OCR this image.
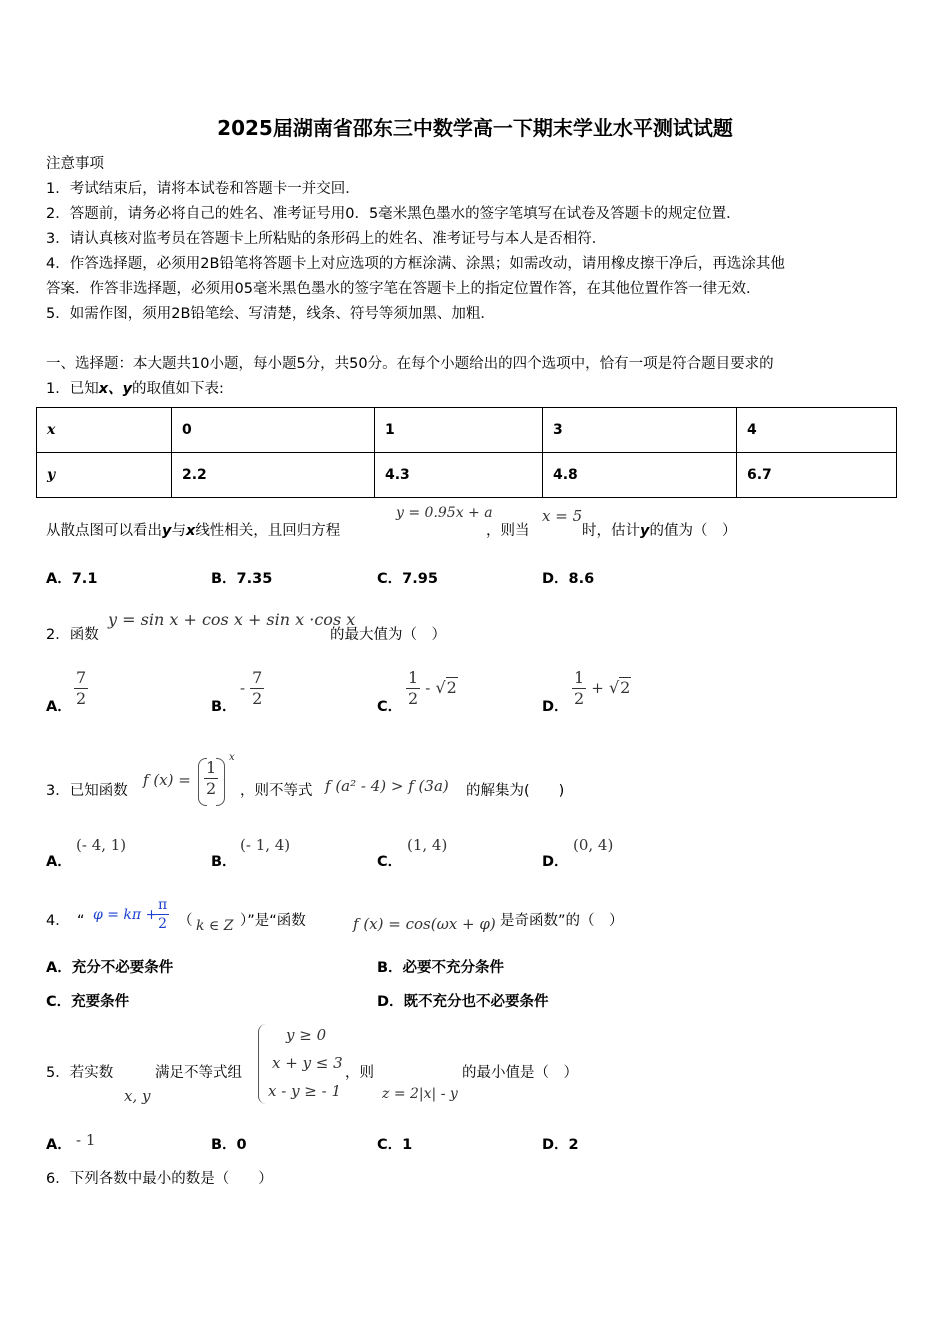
2025届湖南省邵东三中数学高一下期末学业水平测试试题
注意事项
1．考试结束后，请将本试卷和答题卡一并交回．
2．答题前，请务必将自己的姓名、准考证号用0．5毫米黑色墨水的签字笔填写在试卷及答题卡的规定位置．
3．请认真核对监考员在答题卡上所粘贴的条形码上的姓名、准考证号与本人是否相符．
4．作答选择题，必须用2B铅笔将答题卡上对应选项的方框涂满、涂黑；如需改动，请用橡皮擦干净后，再选涂其他
答案．作答非选择题，必须用05毫米黑色墨水的签字笔在答题卡上的指定位置作答，在其他位置作答一律无效．
5．如需作图，须用2B铅笔绘、写清楚，线条、符号等须加黑、加粗．
一、选择题：本大题共10小题，每小题5分，共50分。在每个小题给出的四个选项中，恰有一项是符合题目要求的
1．已知x、y的取值如下表:
x	0	1	3	4
y	2.2	4.3	4.8	6.7
从散点图可以看出y与x线性相关，且回归方程
y = 0.95x + a
，则当
x = 5
时，估计y的值为（　）
A．7.1	B．7.35	C．7.95	D．8.6
2．函数
y = sin x + cos x + sin x ·cos x
的最大值为（　）
A． $\frac{7}{2}$	B．
- $\frac{7}{2}$	C． $\frac{1}{2} - √2$
D． $\frac{1}{2} + √2$
3．已知函数
f $(x) = \frac{1}{2}$
x
，则不等式 f (a² - 4) > f (3a) 的解集为(　　)
A．
(- 4, 1)
B．
(- 1, 4)
C．
(1, 4)
D．
(0, 4)
4．　“ φ = kπ +
$\frac{\pi}{2}$ （ k ∈ Z ）”是“函数	f (x) = cos(ωx + φ) 是奇函数”的（　）
A．充分不必要条件	B．必要不充分条件
C．充要条件	D．既不充分也不必要条件
5．若实数
x, y
满足不等式组
y ≥ 0
x + y ≤ 3
x - y ≥ - 1
，则
z = 2|x| - y
的最小值是（　）
A． - 1	B．0	C．1	D．2
6．下列各数中最小的数是（　　）
